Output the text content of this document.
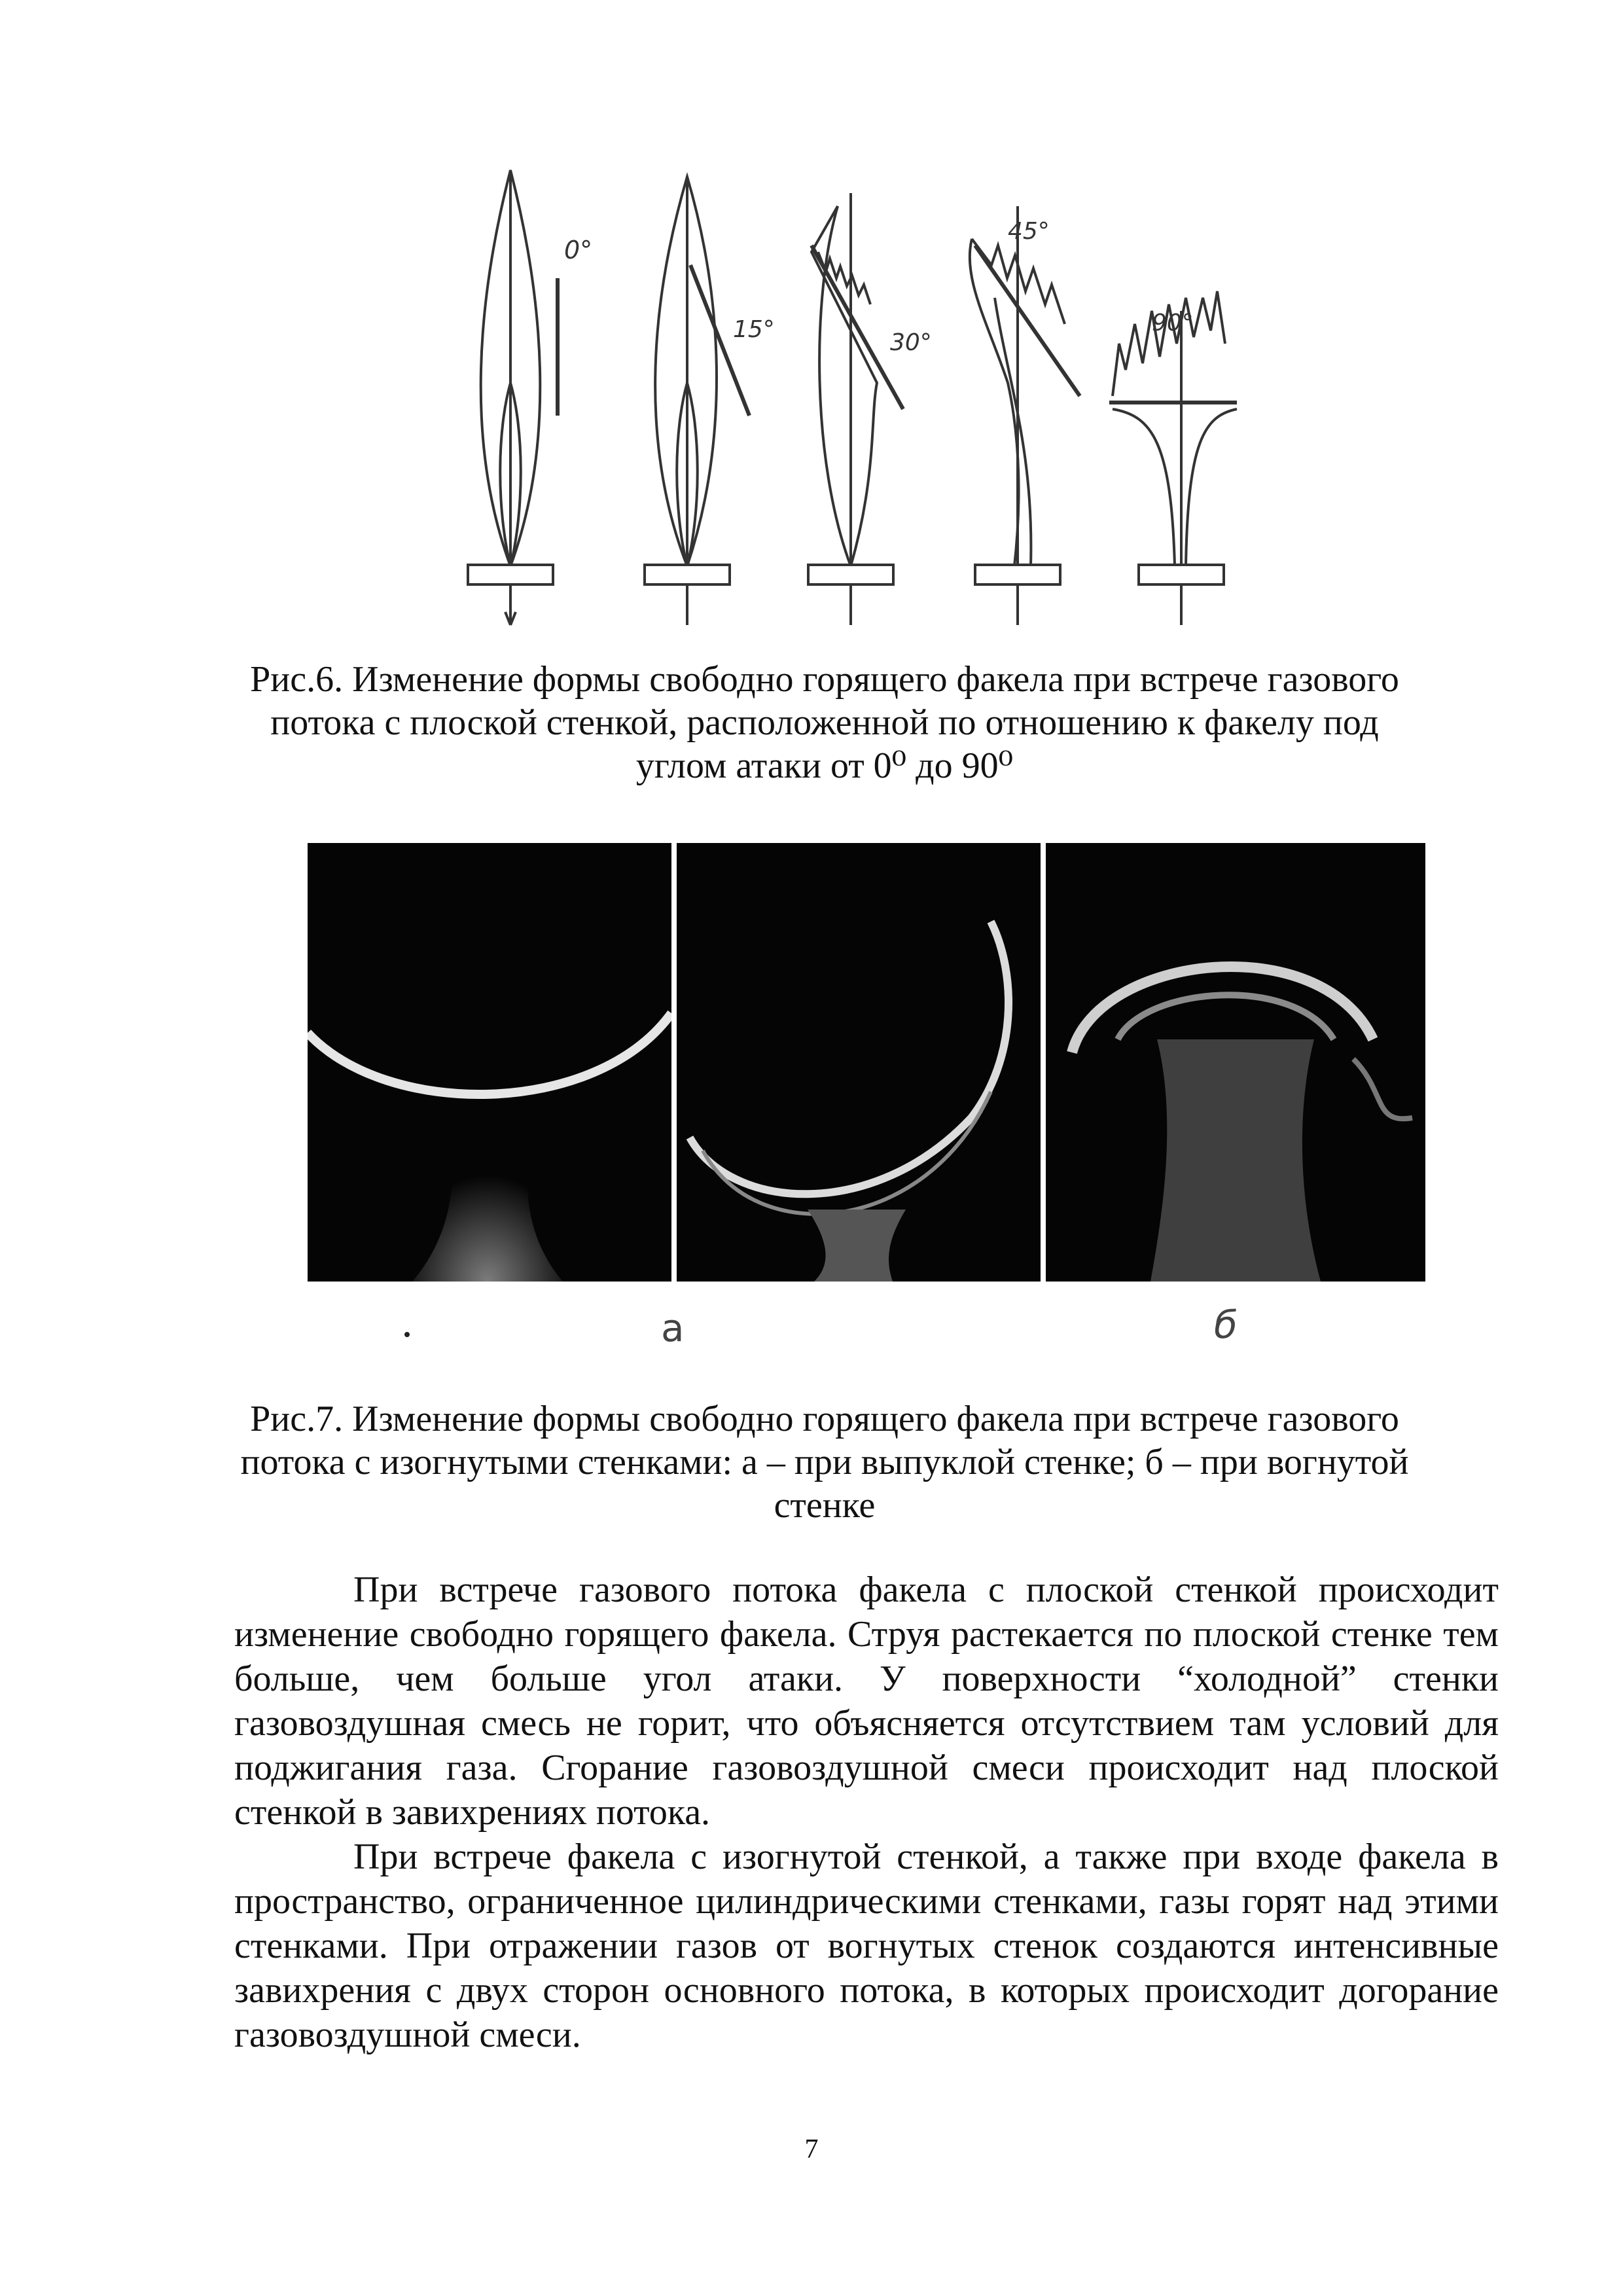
0°
15°	30°
45°
90°
Рис.6. Изменение формы свободно горящего факела при встрече газового потока с плоской стенкой, расположенной по отношению к факелу под углом атаки от 0⁰ до 90⁰
а	б
Рис.7. Изменение формы свободно горящего факела при встрече газового потока с изогнутыми стенками: а – при выпуклой стенке; б – при вогнутой стенке

При встрече газового потока факела с плоской стенкой происходит изменение свободно горящего факела. Струя растекается по плоской стенке тем больше, чем больше угол атаки. У поверхности “холодной” стенки газовоздушная смесь не горит, что объясняется отсутствием там условий для поджигания газа. Сгорание газовоздушной смеси происходит над плоской стенкой в завихрениях потока.

При встрече факела с изогнутой стенкой, а также при входе факела в пространство, ограниченное цилиндрическими стенками, газы горят над этими стенками. При отражении газов от вогнутых стенок создаются интенсивные завихрения с двух сторон основного потока, в которых происходит догорание газовоздушной смеси.

7
